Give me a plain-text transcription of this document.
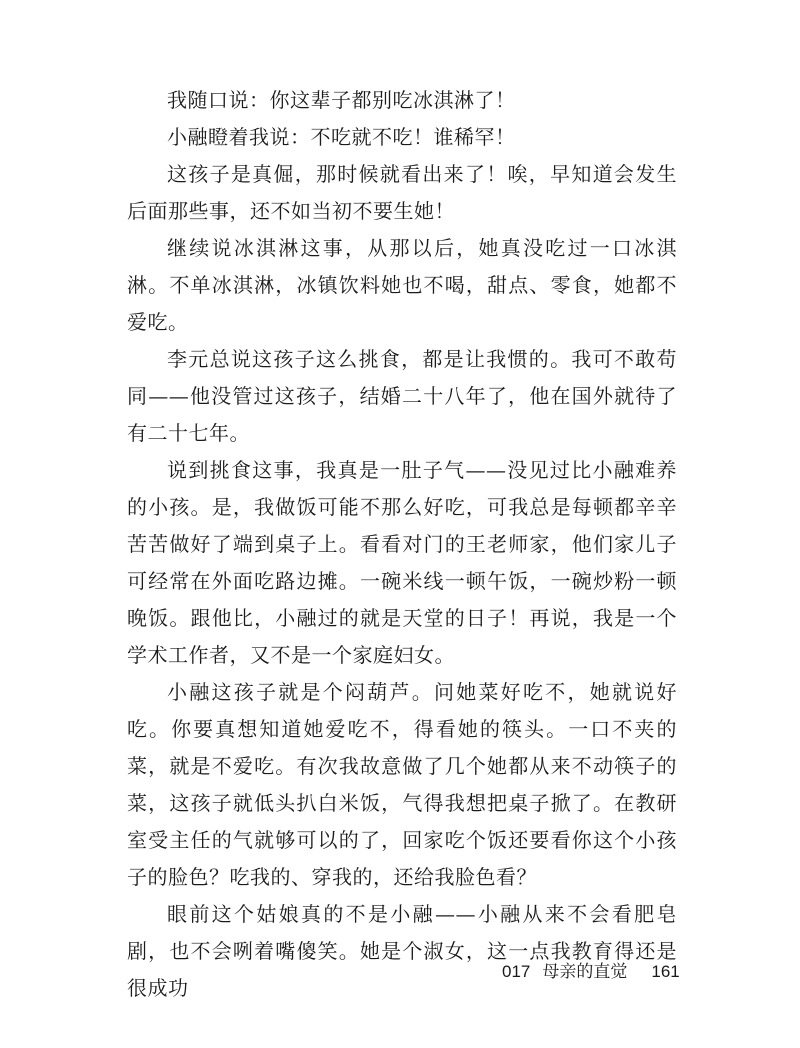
我随口说：你这辈子都别吃冰淇淋了！

小融瞪着我说：不吃就不吃！谁稀罕！

这孩子是真倔，那时候就看出来了！唉，早知道会发生后面那些事，还不如当初不要生她！

继续说冰淇淋这事，从那以后，她真没吃过一口冰淇淋。不单冰淇淋，冰镇饮料她也不喝，甜点、零食，她都不爱吃。

李元总说这孩子这么挑食，都是让我惯的。我可不敢苟同——他没管过这孩子，结婚二十八年了，他在国外就待了有二十七年。

说到挑食这事，我真是一肚子气——没见过比小融难养的小孩。是，我做饭可能不那么好吃，可我总是每顿都辛辛苦苦做好了端到桌子上。看看对门的王老师家，他们家儿子可经常在外面吃路边摊。一碗米线一顿午饭，一碗炒粉一顿晚饭。跟他比，小融过的就是天堂的日子！再说，我是一个学术工作者，又不是一个家庭妇女。

小融这孩子就是个闷葫芦。问她菜好吃不，她就说好吃。你要真想知道她爱吃不，得看她的筷头。一口不夹的菜，就是不爱吃。有次我故意做了几个她都从来不动筷子的菜，这孩子就低头扒白米饭，气得我想把桌子掀了。在教研室受主任的气就够可以的了，回家吃个饭还要看你这个小孩子的脸色？吃我的、穿我的，还给我脸色看？

眼前这个姑娘真的不是小融——小融从来不会看肥皂剧，也不会咧着嘴傻笑。她是个淑女，这一点我教育得还是很成功

017 母亲的直觉 161
